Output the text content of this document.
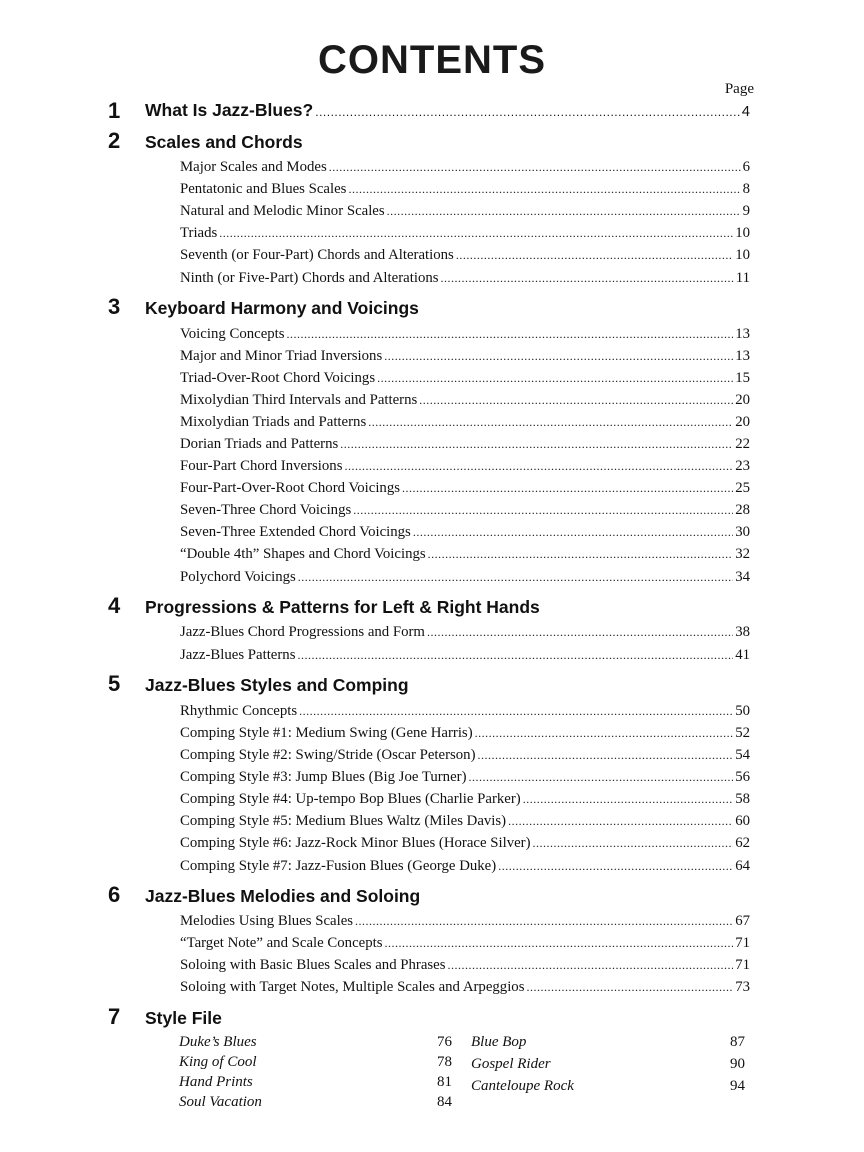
CONTENTS
Page
1 What Is Jazz-Blues? .....	4
2 Scales and Chords
Major Scales and Modes .....	6
Pentatonic and Blues Scales .....	8
Natural and Melodic Minor Scales .....	9
Triads .....	10
Seventh (or Four-Part) Chords and Alterations .....	10
Ninth (or Five-Part) Chords and Alterations .....	11
3 Keyboard Harmony and Voicings
Voicing Concepts .....	13
Major and Minor Triad Inversions .....	13
Triad-Over-Root Chord Voicings .....	15
Mixolydian Third Intervals and Patterns .....	20
Mixolydian Triads and Patterns .....	20
Dorian Triads and Patterns .....	22
Four-Part Chord Inversions .....	23
Four-Part-Over-Root Chord Voicings .....	25
Seven-Three Chord Voicings .....	28
Seven-Three Extended Chord Voicings .....	30
“Double 4th” Shapes and Chord Voicings .....	32
Polychord Voicings .....	34
4 Progressions & Patterns for Left & Right Hands
Jazz-Blues Chord Progressions and Form .....	38
Jazz-Blues Patterns .....	41
5 Jazz-Blues Styles and Comping
Rhythmic Concepts .....	50
Comping Style #1: Medium Swing (Gene Harris) .....	52
Comping Style #2: Swing/Stride (Oscar Peterson) .....	54
Comping Style #3: Jump Blues (Big Joe Turner) .....	56
Comping Style #4: Up-tempo Bop Blues (Charlie Parker) .....	58
Comping Style #5: Medium Blues Waltz (Miles Davis) .....	60
Comping Style #6: Jazz-Rock Minor Blues (Horace Silver) .....	62
Comping Style #7: Jazz-Fusion Blues (George Duke) .....	64
6 Jazz-Blues Melodies and Soloing
Melodies Using Blues Scales .....	67
“Target Note” and Scale Concepts .....	71
Soloing with Basic Blues Scales and Phrases .....	71
Soloing with Target Notes, Multiple Scales and Arpeggios .....	73
7 Style File
Duke’s Blues	76
King of Cool	78
Hand Prints	81
Soul Vacation	84
Blue Bop	87
Gospel Rider	90
Canteloupe Rock	94
